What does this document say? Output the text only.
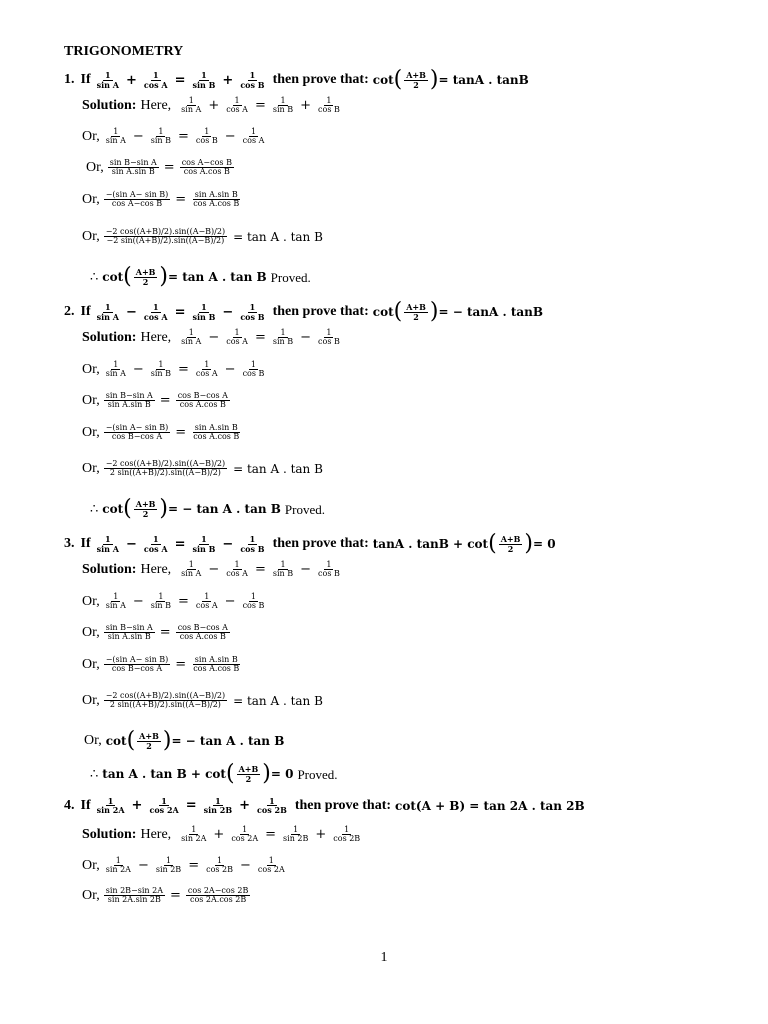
TRIGONOMETRY
1. If $\frac{1}{\text{sin A}} + \frac{1}{\text{cos A}} = \frac{1}{\text{sin B}} + \frac{1}{\text{cos B}}$ then prove that: $\cot( \frac{A+B}{2}$ )= tanA . tanB
Solution: Here, $\frac{1}{\text{sin A}} + \frac{1}{\text{cos A}} = \frac{1}{\text{sin B}} + \frac{1}{\text{cos B}}$
Or, $\frac{1}{\text{sin A}} - \frac{1}{\text{sin B}} = \frac{1}{\text{cos B}} - \frac{1}{\text{cos A}}$
Or, $\frac{\text{sin B−sin A}}{\text{sin A.sin B}} = \frac{\text{cos A−cos B}}{\text{cos A.cos B}}$
Or, $\frac{\text{−(sin A− sin B)}}{\text{cos A−cos B}} = \frac{\text{sin A.sin B}}{\text{cos A.cos B}}$
Or, $\frac{-2 \cos((A+B)/2).\sin((A-B)/2)}{-2 \sin((A+B)/2).\sin((A-B)/2)} = \tan A$ . tan B
∴ $\cot( \frac{A+B}{2}$ )= tan A . tan B Proved.
2. If $\frac{1}{\text{sin A}} - \frac{1}{\text{cos A}} = \frac{1}{\text{sin B}} - \frac{1}{\text{cos B}}$ then prove that: $\cot( \frac{A+B}{2}$ )= − tanA . tanB
Solution: Here, $\frac{1}{\text{sin A}} - \frac{1}{\text{cos A}} = \frac{1}{\text{sin B}} - \frac{1}{\text{cos B}}$
Or, $\frac{1}{\text{sin A}} - \frac{1}{\text{sin B}} = \frac{1}{\text{cos A}} - \frac{1}{\text{cos B}}$
Or, $\frac{\text{sin B−sin A}}{\text{sin A.sin B}} = \frac{\text{cos B−cos A}}{\text{cos A.cos B}}$
Or, $\frac{\text{−(sin A− sin B)}}{\text{cos B−cos A}} = \frac{\text{sin A.sin B}}{\text{cos A.cos B}}$
Or, $\frac{-2 \cos((A+B)/2).\sin((A-B)/2)}{2 \sin((A+B)/2).\sin((A-B)/2)} = \tan A$ . tan B
∴ $\cot( \frac{A+B}{2}$ )= − tan A . tan B Proved.
3. If $\frac{1}{\text{sin A}} - \frac{1}{\text{cos A}} = \frac{1}{\text{sin B}} - \frac{1}{\text{cos B}}$ then prove that: tanA . $\tan B + \cot( \frac{A+B}{2}$ )= 0
Solution: Here, $\frac{1}{\text{sin A}} - \frac{1}{\text{cos A}} = \frac{1}{\text{sin B}} - \frac{1}{\text{cos B}}$
Or, $\frac{1}{\text{sin A}} - \frac{1}{\text{sin B}} = \frac{1}{\text{cos A}} - \frac{1}{\text{cos B}}$
Or, $\frac{\text{sin B−sin A}}{\text{sin A.sin B}} = \frac{\text{cos B−cos A}}{\text{cos A.cos B}}$
Or, $\frac{\text{−(sin A− sin B)}}{\text{cos B−cos A}} = \frac{\text{sin A.sin B}}{\text{cos A.cos B}}$
Or, $\frac{-2 \cos((A+B)/2).\sin((A-B)/2)}{2 \sin((A+B)/2).\sin((A-B)/2)} = \tan A$ . tan B
Or, $\cot( \frac{A+B}{2}$ )= − tan A . tan B
∴ tan A . $\tan B + \cot( \frac{A+B}{2}$ )= 0 Proved.
4. If $\frac{1}{\sin 2A} + \frac{1}{\cos 2A} = \frac{1}{\sin 2B} + \frac{1}{\cos 2B}$ then prove that: cot(A + B) = tan 2A . tan 2B
Solution: Here, $\frac{1}{\sin 2A} + \frac{1}{\cos 2A} = \frac{1}{\sin 2B} + \frac{1}{\cos 2B}$
Or, $\frac{1}{\sin 2A} - \frac{1}{\sin 2B} = \frac{1}{\cos 2B} - \frac{1}{\cos 2A}$
Or, $\frac{\sin 2B-\sin 2A}{\sin 2A.\sin 2B} = \frac{\cos 2A-\cos 2B}{\cos 2A.\cos 2B}$
1
